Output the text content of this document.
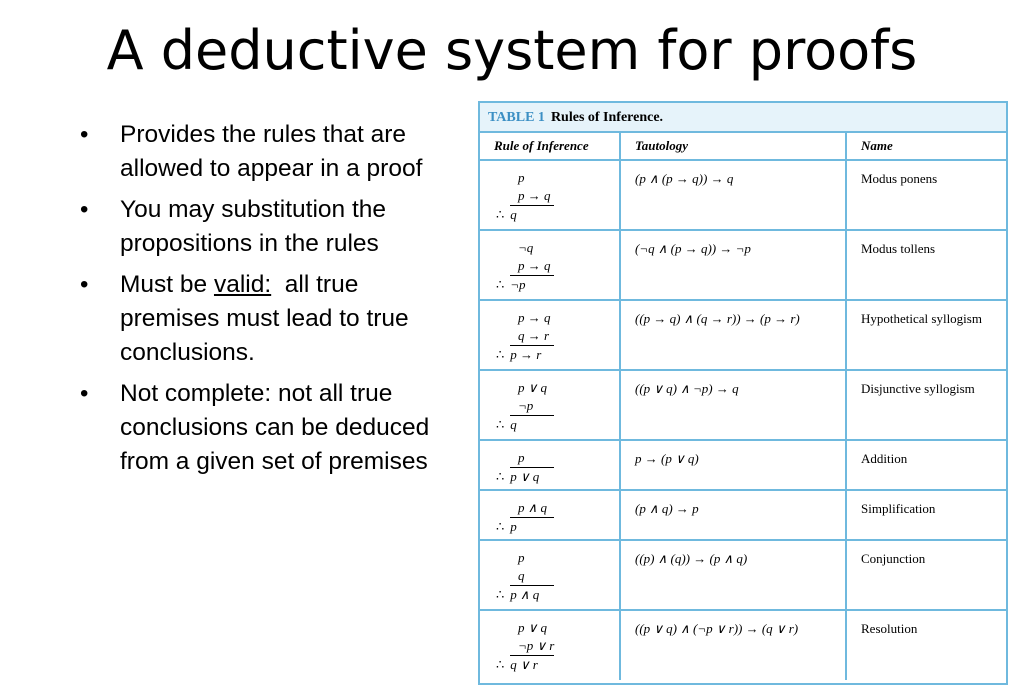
A deductive system for proofs
• Provides the rules that are allowed to appear in a proof
• You may substitution the propositions in the rules
• Must be valid:  all true premises must lead to true conclusions.
• Not complete: not all true conclusions can be deduced from a given set of premises
TABLE 1 Rules of Inference.
Rule of Inference	Tautology	Name

p
p → q
∴ q	(p ∧ (p → q)) → q	Modus ponens

¬q
p → q
∴ ¬p	(¬q ∧ (p → q)) → ¬p	Modus tollens

p → q
q → r
∴ p → r	((p → q) ∧ (q → r)) → (p → r)	Hypothetical syllogism

p ∨ q
¬p
∴ q	((p ∨ q) ∧ ¬p) → q	Disjunctive syllogism

p
∴ p ∨ q	p → (p ∨ q)	Addition

p ∧ q
∴ p	(p ∧ q) → p	Simplification

p
q
∴ p ∧ q	((p) ∧ (q)) → (p ∧ q)	Conjunction

p ∨ q
¬p ∨ r
∴ q ∨ r	((p ∨ q) ∧ (¬p ∨ r)) → (q ∨ r)	Resolution
